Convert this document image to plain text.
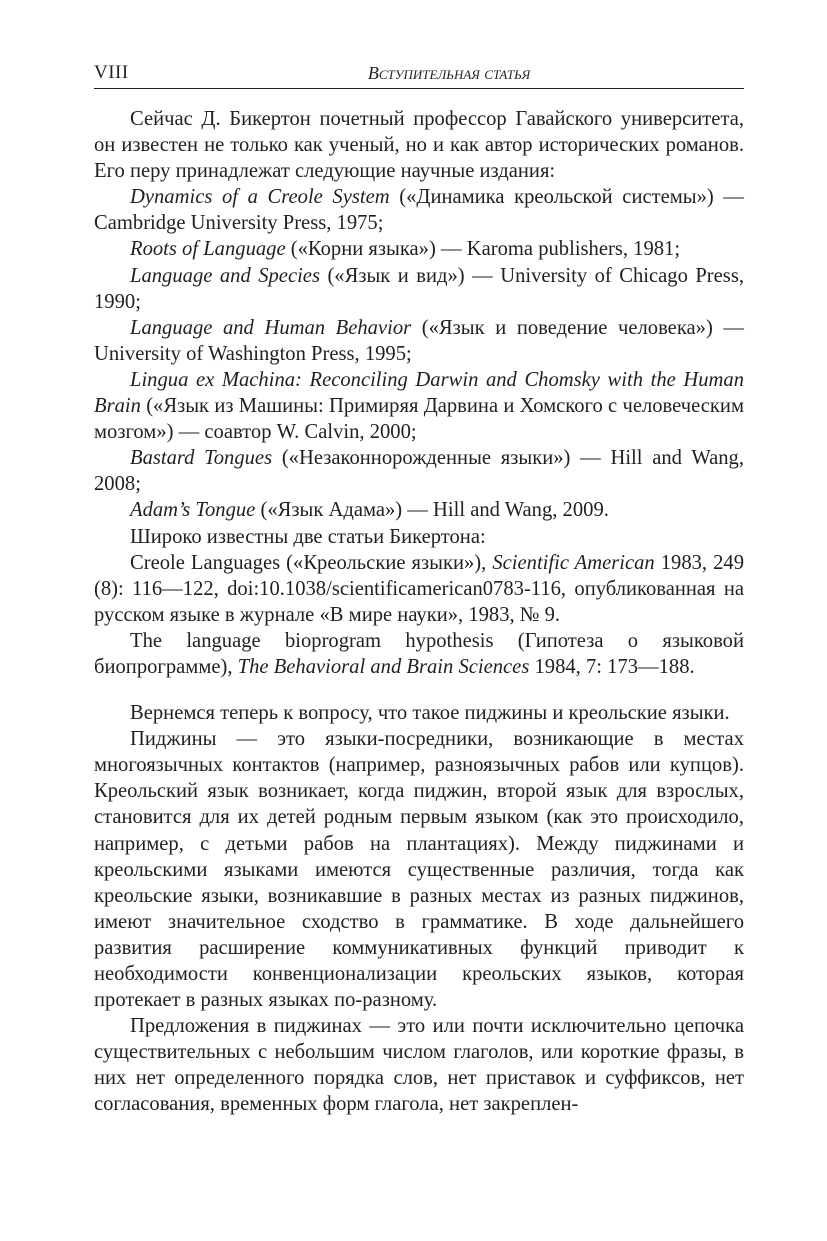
VIII	Вступительная статья

Сейчас Д. Бикертон почетный профессор Гавайского университета, он известен не только как ученый, но и как автор исторических романов. Его перу принадлежат следующие научные издания:

Dynamics of a Creole System («Динамика креольской системы») — Cambridge University Press, 1975;

Roots of Language («Корни языка») — Karoma publishers, 1981;

Language and Species («Язык и вид») — University of Chicago Press, 1990;

Language and Human Behavior («Язык и поведение человека») — University of Washington Press, 1995;

Lingua ex Machina: Reconciling Darwin and Chomsky with the Human Brain («Язык из Машины: Примиряя Дарвина и Хомского с человеческим мозгом») — соавтор W. Calvin, 2000;

Bastard Tongues («Незаконнорожденные языки») — Hill and Wang, 2008;

Adam’s Tongue («Язык Адама») — Hill and Wang, 2009.

Широко известны две статьи Бикертона:

Creole Languages («Креольские языки»), Scientific American 1983, 249 (8): 116—122, doi:10.1038/scientificamerican0783-116, опубликованная на русском языке в журнале «В мире науки», 1983, № 9.

The language bioprogram hypothesis (Гипотеза о языковой биопрограмме), The Behavioral and Brain Sciences 1984, 7: 173—188.

Вернемся теперь к вопросу, что такое пиджины и креольские языки.

Пиджины — это языки-посредники, возникающие в местах многоязычных контактов (например, разноязычных рабов или купцов). Креольский язык возникает, когда пиджин, второй язык для взрослых, становится для их детей родным первым языком (как это происходило, например, с детьми рабов на плантациях). Между пиджинами и креольскими языками имеются существенные различия, тогда как креольские языки, возникавшие в разных местах из разных пиджинов, имеют значительное сходство в грамматике. В ходе дальнейшего развития расширение коммуникативных функций приводит к необходимости конвенционализации креольских языков, которая протекает в разных языках по-разному.

Предложения в пиджинах — это или почти исключительно цепочка существительных с небольшим числом глаголов, или короткие фразы, в них нет определенного порядка слов, нет приставок и суффиксов, нет согласования, временных форм глагола, нет закреплен-
